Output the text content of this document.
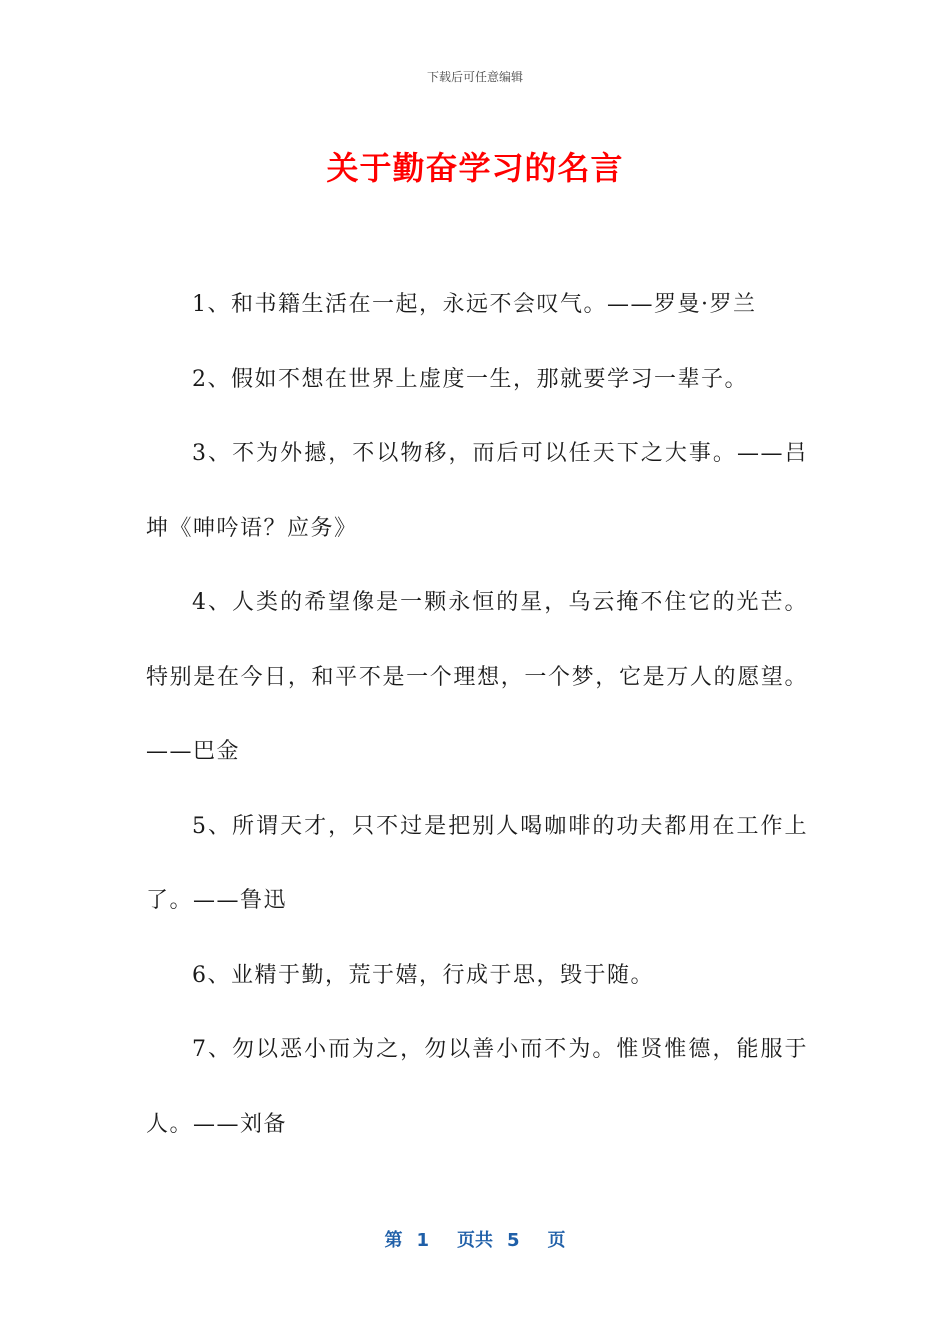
下载后可任意编辑
关于勤奋学习的名言

1、和书籍生活在一起，永远不会叹气。——罗曼·罗兰

2、假如不想在世界上虚度一生，那就要学习一辈子。

3、不为外撼，不以物移，而后可以任天下之大事。——吕坤《呻吟语？应务》

4、人类的希望像是一颗永恒的星，乌云掩不住它的光芒。特别是在今日，和平不是一个理想，一个梦，它是万人的愿望。——巴金

5、所谓天才，只不过是把别人喝咖啡的功夫都用在工作上了。——鲁迅

6、业精于勤，荒于嬉，行成于思，毁于随。

7、勿以恶小而为之，勿以善小而不为。惟贤惟德，能服于人。——刘备

第 1 页共 5 页
